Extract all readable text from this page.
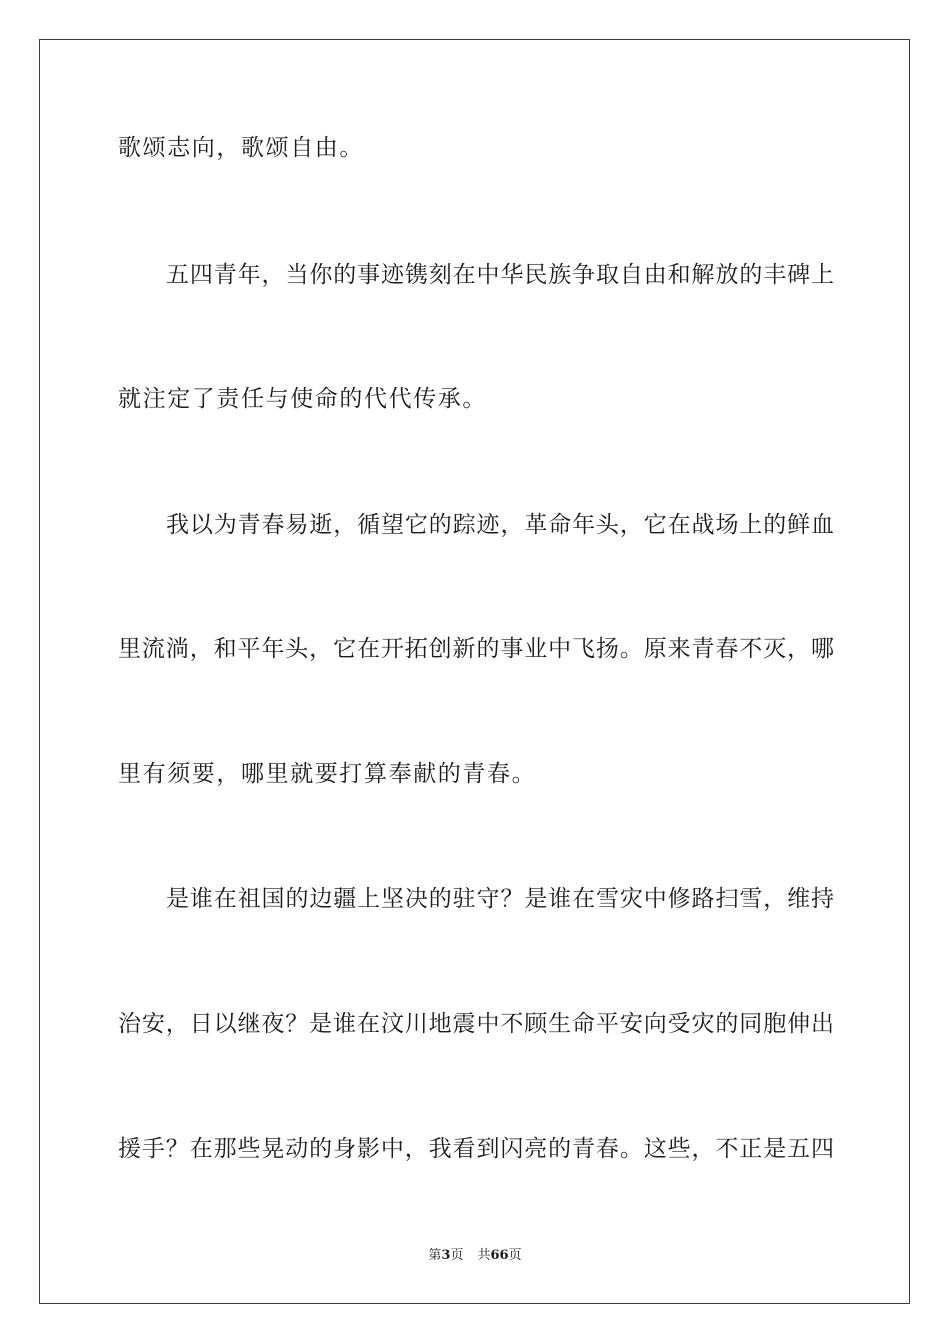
歌颂志向，歌颂自由。
五四青年，当你的事迹镌刻在中华民族争取自由和解放的丰碑上
就注定了责任与使命的代代传承。
我以为青春易逝，循望它的踪迹，革命年头，它在战场上的鲜血
里流淌，和平年头，它在开拓创新的事业中飞扬。原来青春不灭，哪
里有须要，哪里就要打算奉献的青春。
是谁在祖国的边疆上坚决的驻守？是谁在雪灾中修路扫雪，维持
治安，日以继夜？是谁在汶川地震中不顾生命平安向受灾的同胞伸出
援手？在那些晃动的身影中，我看到闪亮的青春。这些，不正是五四
第3页 共66页
